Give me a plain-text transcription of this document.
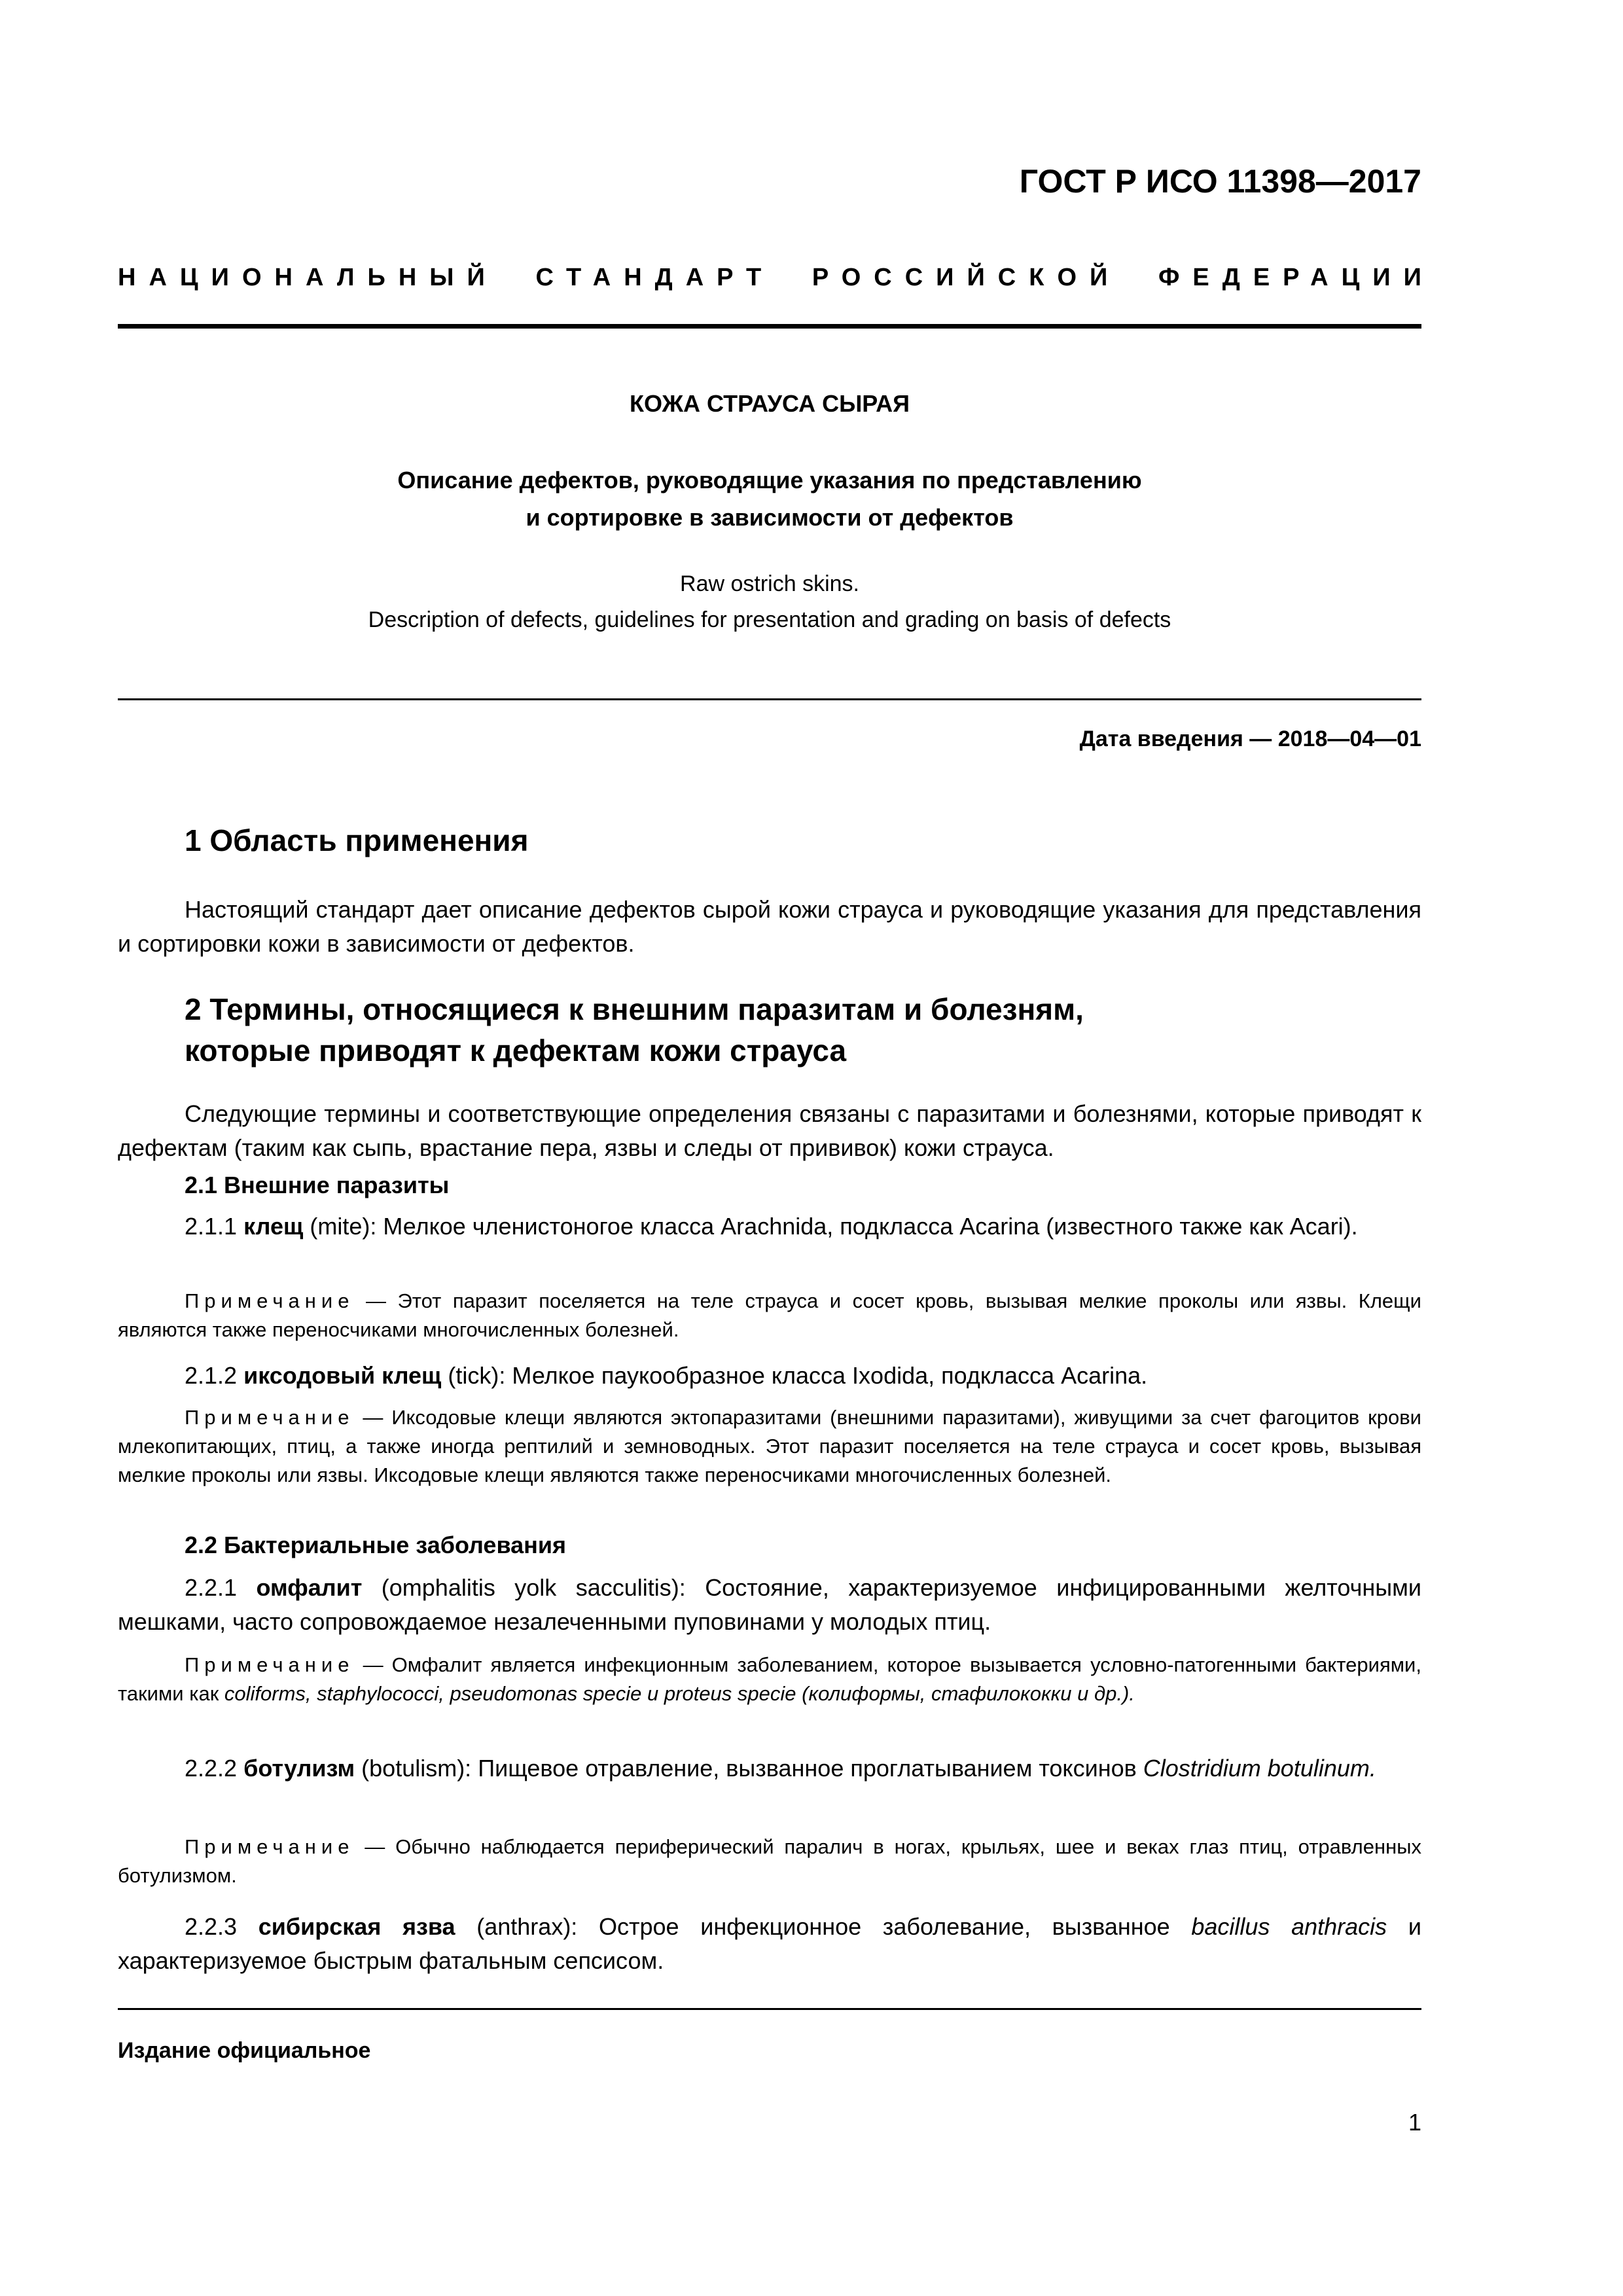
ГОСТ Р ИСО 11398—2017
НАЦИОНАЛЬНЫЙ СТАНДАРТ РОССИЙСКОЙ ФЕДЕРАЦИИ
КОЖА СТРАУСА СЫРАЯ
Описание дефектов, руководящие указания по представлению
и сортировке в зависимости от дефектов
Raw ostrich skins.
Description of defects, guidelines for presentation and grading on basis of defects
Дата введения — 2018—04—01
1 Область применения
Настоящий стандарт дает описание дефектов сырой кожи страуса и руководящие указания для представления и сортировки кожи в зависимости от дефектов.
2 Термины, относящиеся к внешним паразитам и болезням,
которые приводят к дефектам кожи страуса
Следующие термины и соответствующие определения связаны с паразитами и болезнями, которые приводят к дефектам (таким как сыпь, врастание пера, язвы и следы от прививок) кожи страуса.
2.1 Внешние паразиты
2.1.1 клещ (mite): Мелкое членистоногое класса Arachnida, подкласса Acarina (известного также как Acari).
Примечание — Этот паразит поселяется на теле страуса и сосет кровь, вызывая мелкие проколы или язвы. Клещи являются также переносчиками многочисленных болезней.
2.1.2 иксодовый клещ (tick): Мелкое паукообразное класса Ixodida, подкласса Acarina.
Примечание — Иксодовые клещи являются эктопаразитами (внешними паразитами), живущими за счет фагоцитов крови млекопитающих, птиц, а также иногда рептилий и земноводных. Этот паразит поселяется на теле страуса и сосет кровь, вызывая мелкие проколы или язвы. Иксодовые клещи являются также переносчиками многочисленных болезней.
2.2 Бактериальные заболевания
2.2.1 омфалит (omphalitis yolk sacculitis): Состояние, характеризуемое инфицированными желточными мешками, часто сопровождаемое незалеченными пуповинами у молодых птиц.
Примечание — Омфалит является инфекционным заболеванием, которое вызывается условно-патогенными бактериями, такими как coliforms, staphylococci, pseudomonas specie u proteus specie (колиформы, стафилококки и др.).
2.2.2 ботулизм (botulism): Пищевое отравление, вызванное проглатыванием токсинов Clostridium botulinum.
Примечание — Обычно наблюдается периферический паралич в ногах, крыльях, шее и веках глаз птиц, отравленных ботулизмом.
2.2.3 сибирская язва (anthrax): Острое инфекционное заболевание, вызванное bacillus anthracis и характеризуемое быстрым фатальным сепсисом.
Издание официальное
1
